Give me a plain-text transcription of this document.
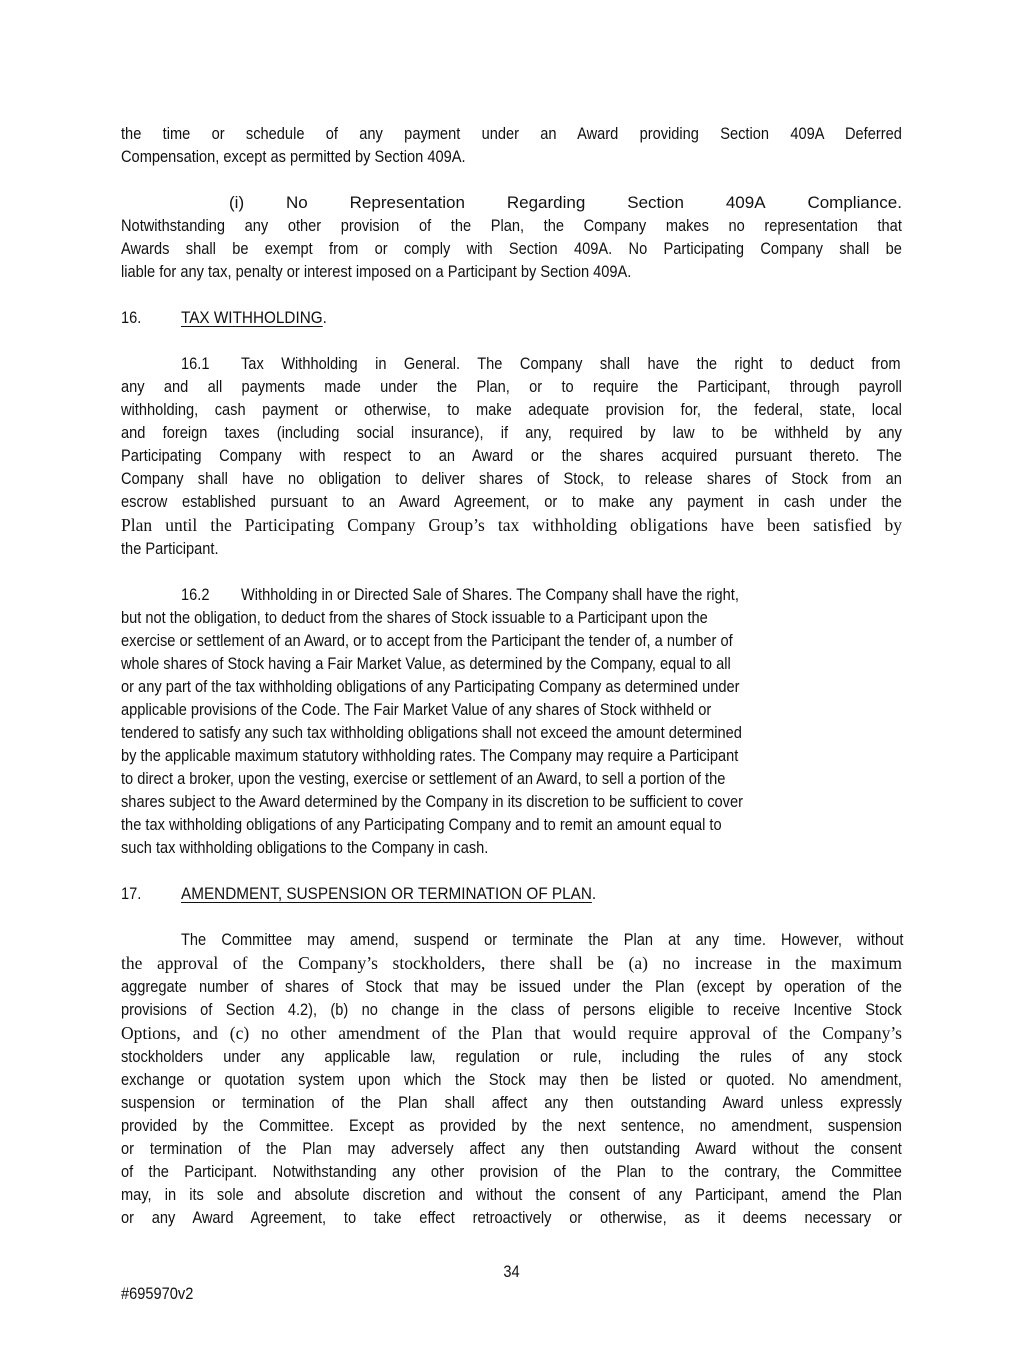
the time or schedule of any payment under an Award providing Section 409A Deferred
Compensation, except as permitted by Section 409A.
(i) No Representation Regarding Section 409A Compliance.
Notwithstanding any other provision of the Plan, the Company makes no representation that
Awards shall be exempt from or comply with Section 409A. No Participating Company shall be
liable for any tax, penalty or interest imposed on a Participant by Section 409A.
16. TAX WITHHOLDING.
16.1 Tax Withholding in General. The Company shall have the right to deduct from
any and all payments made under the Plan, or to require the Participant, through payroll
withholding, cash payment or otherwise, to make adequate provision for, the federal, state, local
and foreign taxes (including social insurance), if any, required by law to be withheld by any
Participating Company with respect to an Award or the shares acquired pursuant thereto. The
Company shall have no obligation to deliver shares of Stock, to release shares of Stock from an
escrow established pursuant to an Award Agreement, or to make any payment in cash under the
Plan until the Participating Company Group’s tax withholding obligations have been satisfied by
the Participant.
16.2 Withholding in or Directed Sale of Shares. The Company shall have the right,
but not the obligation, to deduct from the shares of Stock issuable to a Participant upon the
exercise or settlement of an Award, or to accept from the Participant the tender of, a number of
whole shares of Stock having a Fair Market Value, as determined by the Company, equal to all
or any part of the tax withholding obligations of any Participating Company as determined under
applicable provisions of the Code. The Fair Market Value of any shares of Stock withheld or
tendered to satisfy any such tax withholding obligations shall not exceed the amount determined
by the applicable maximum statutory withholding rates. The Company may require a Participant
to direct a broker, upon the vesting, exercise or settlement of an Award, to sell a portion of the
shares subject to the Award determined by the Company in its discretion to be sufficient to cover
the tax withholding obligations of any Participating Company and to remit an amount equal to
such tax withholding obligations to the Company in cash.
17. AMENDMENT, SUSPENSION OR TERMINATION OF PLAN.
The Committee may amend, suspend or terminate the Plan at any time. However, without
the approval of the Company’s stockholders, there shall be (a) no increase in the maximum
aggregate number of shares of Stock that may be issued under the Plan (except by operation of the
provisions of Section 4.2), (b) no change in the class of persons eligible to receive Incentive Stock
Options, and (c) no other amendment of the Plan that would require approval of the Company’s
stockholders under any applicable law, regulation or rule, including the rules of any stock
exchange or quotation system upon which the Stock may then be listed or quoted. No amendment,
suspension or termination of the Plan shall affect any then outstanding Award unless expressly
provided by the Committee. Except as provided by the next sentence, no amendment, suspension
or termination of the Plan may adversely affect any then outstanding Award without the consent
of the Participant. Notwithstanding any other provision of the Plan to the contrary, the Committee
may, in its sole and absolute discretion and without the consent of any Participant, amend the Plan
or any Award Agreement, to take effect retroactively or otherwise, as it deems necessary or
34
#695970v2
